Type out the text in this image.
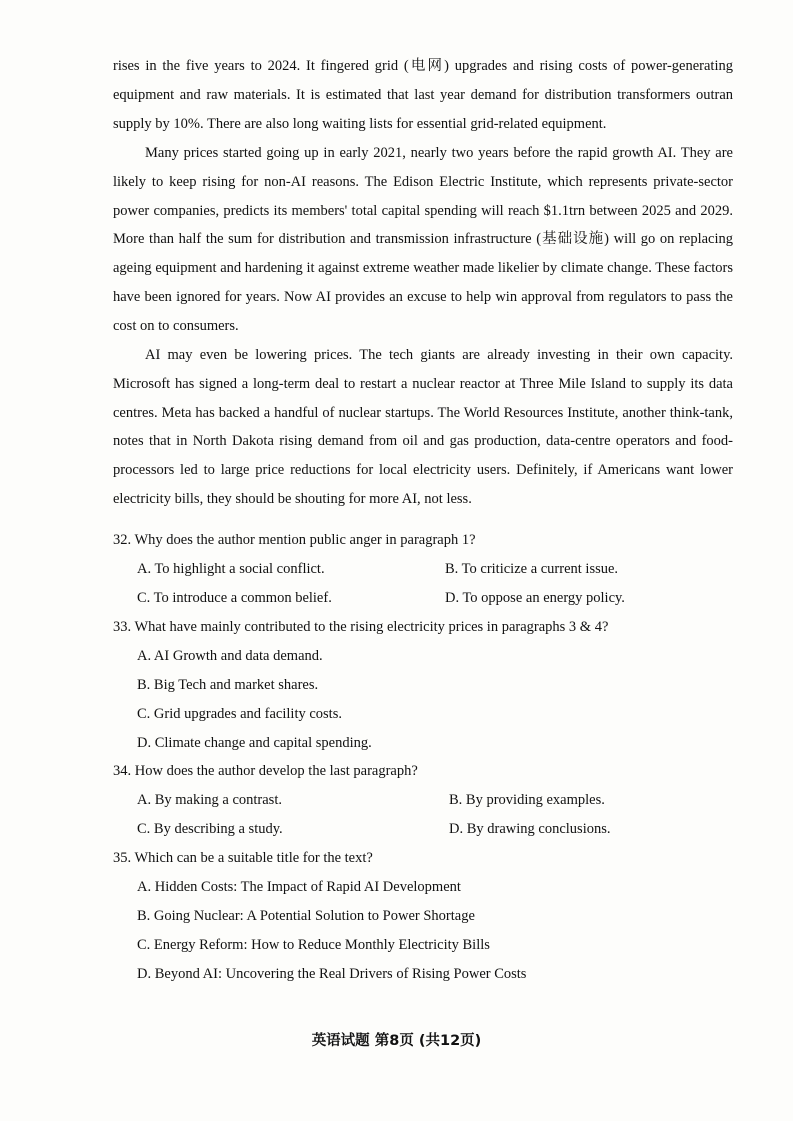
rises in the five years to 2024. It fingered grid (电网) upgrades and rising costs of power-generating equipment and raw materials. It is estimated that last year demand for distribution transformers outran supply by 10%. There are also long waiting lists for essential grid-related equipment.

Many prices started going up in early 2021, nearly two years before the rapid growth AI. They are likely to keep rising for non-AI reasons. The Edison Electric Institute, which represents private-sector power companies, predicts its members' total capital spending will reach $1.1trn between 2025 and 2029. More than half the sum for distribution and transmission infrastructure (基础设施) will go on replacing ageing equipment and hardening it against extreme weather made likelier by climate change. These factors have been ignored for years. Now AI provides an excuse to help win approval from regulators to pass the cost on to consumers.

AI may even be lowering prices. The tech giants are already investing in their own capacity. Microsoft has signed a long-term deal to restart a nuclear reactor at Three Mile Island to supply its data centres. Meta has backed a handful of nuclear startups. The World Resources Institute, another think-tank, notes that in North Dakota rising demand from oil and gas production, data-centre operators and food-processors led to large price reductions for local electricity users. Definitely, if Americans want lower electricity bills, they should be shouting for more AI, not less.

32. Why does the author mention public anger in paragraph 1?
A. To highlight a social conflict.	B. To criticize a current issue.
C. To introduce a common belief.	D. To oppose an energy policy.
33. What have mainly contributed to the rising electricity prices in paragraphs 3 & 4?
A. AI Growth and data demand.
B. Big Tech and market shares.
C. Grid upgrades and facility costs.
D. Climate change and capital spending.
34. How does the author develop the last paragraph?
A. By making a contrast.	B. By providing examples.
C. By describing a study.	D. By drawing conclusions.
35. Which can be a suitable title for the text?
A. Hidden Costs: The Impact of Rapid AI Development
B. Going Nuclear: A Potential Solution to Power Shortage
C. Energy Reform: How to Reduce Monthly Electricity Bills
D. Beyond AI: Uncovering the Real Drivers of Rising Power Costs
英语试题 第8页 (共12页)
